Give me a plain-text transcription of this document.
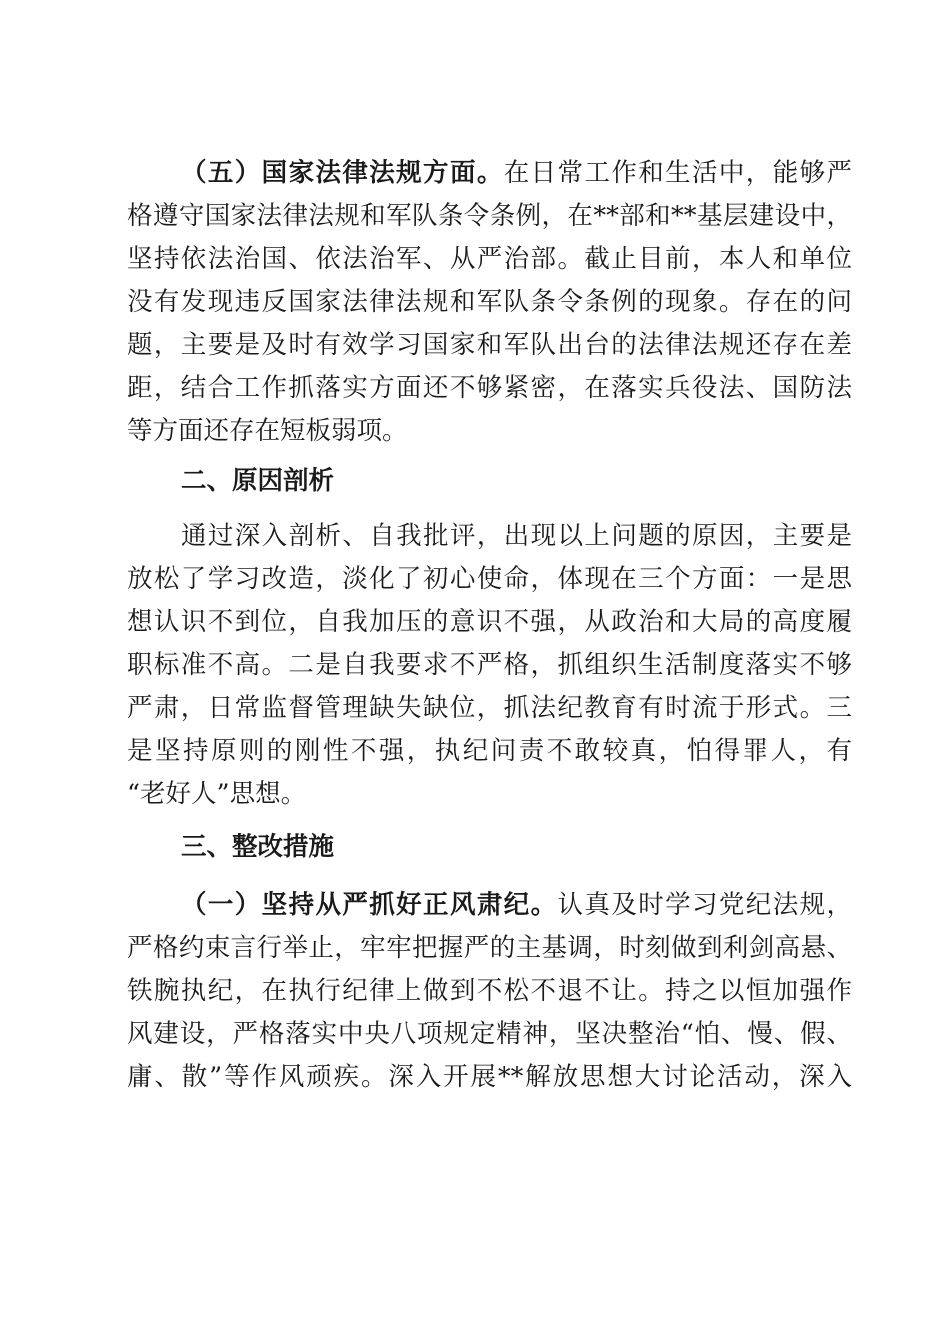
（五）国家法律法规方面。在日常工作和生活中，能够严
格遵守国家法律法规和军队条令条例，在**部和**基层建设中，
坚持依法治国、依法治军、从严治部。截止目前，本人和单位
没有发现违反国家法律法规和军队条令条例的现象。存在的问
题，主要是及时有效学习国家和军队出台的法律法规还存在差
距，结合工作抓落实方面还不够紧密，在落实兵役法、国防法
等方面还存在短板弱项。
二、原因剖析
通过深入剖析、自我批评，出现以上问题的原因，主要是
放松了学习改造，淡化了初心使命，体现在三个方面：一是思
想认识不到位，自我加压的意识不强，从政治和大局的高度履
职标准不高。二是自我要求不严格，抓组织生活制度落实不够
严肃，日常监督管理缺失缺位，抓法纪教育有时流于形式。三
是坚持原则的刚性不强，执纪问责不敢较真，怕得罪人，有
“老好人”思想。
三、整改措施
（一）坚持从严抓好正风肃纪。认真及时学习党纪法规，
严格约束言行举止，牢牢把握严的主基调，时刻做到利剑高悬、
铁腕执纪，在执行纪律上做到不松不退不让。持之以恒加强作
风建设，严格落实中央八项规定精神，坚决整治“怕、慢、假、
庸、散”等作风顽疾。深入开展**解放思想大讨论活动，深入
